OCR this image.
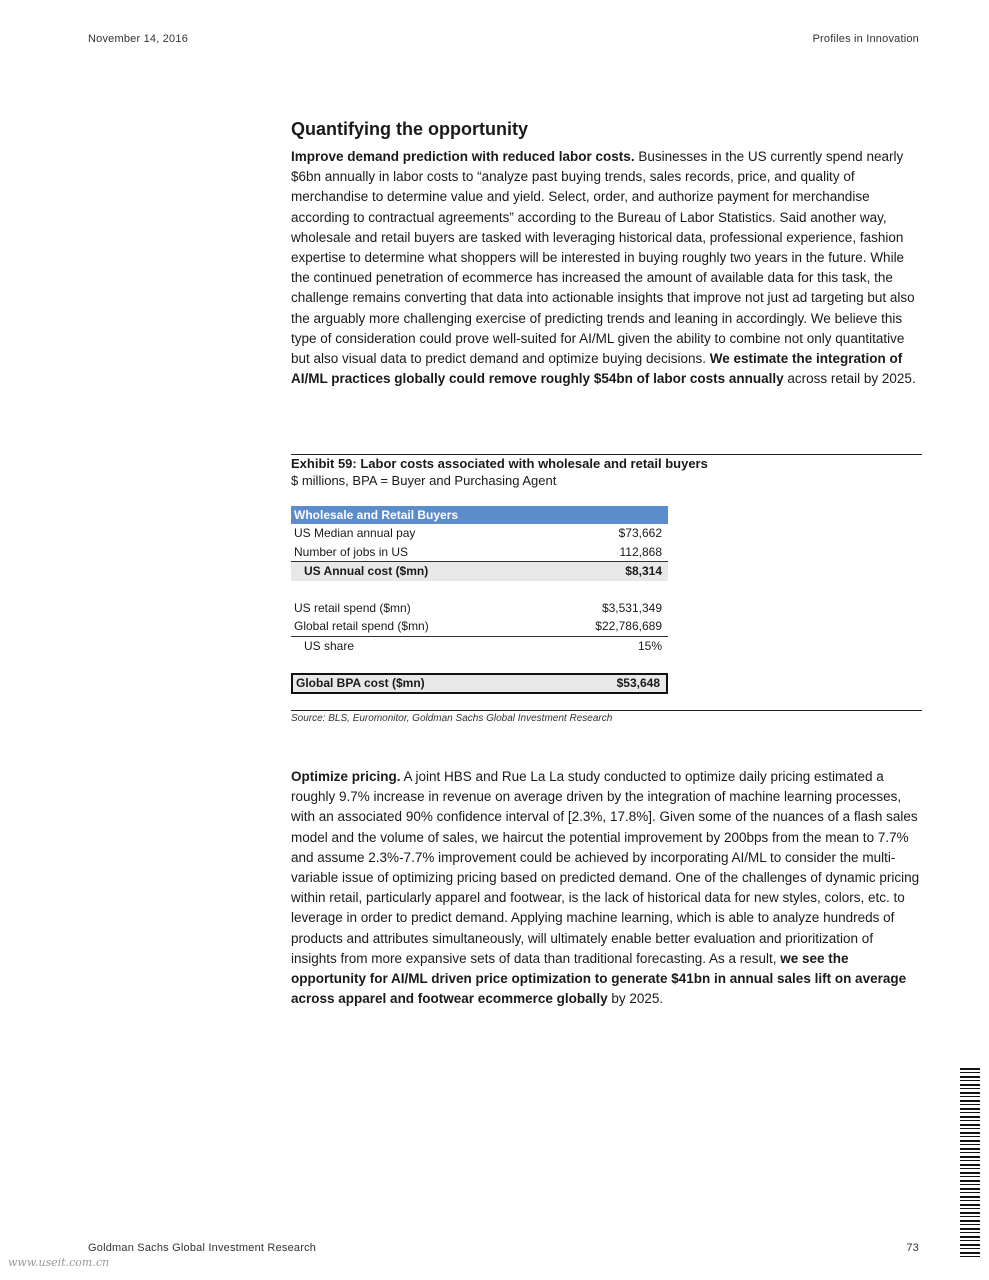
November 14, 2016	Profiles in Innovation
Quantifying the opportunity

Improve demand prediction with reduced labor costs. Businesses in the US currently spend nearly $6bn annually in labor costs to “analyze past buying trends, sales records, price, and quality of merchandise to determine value and yield. Select, order, and authorize payment for merchandise according to contractual agreements” according to the Bureau of Labor Statistics. Said another way, wholesale and retail buyers are tasked with leveraging historical data, professional experience, fashion expertise to determine what shoppers will be interested in buying roughly two years in the future. While the continued penetration of ecommerce has increased the amount of available data for this task, the challenge remains converting that data into actionable insights that improve not just ad targeting but also the arguably more challenging exercise of predicting trends and leaning in accordingly. We believe this type of consideration could prove well-suited for AI/ML given the ability to combine not only quantitative but also visual data to predict demand and optimize buying decisions. We estimate the integration of AI/ML practices globally could remove roughly $54bn of labor costs annually across retail by 2025.

Exhibit 59: Labor costs associated with wholesale and retail buyers

$ millions, BPA = Buyer and Purchasing Agent

Wholesale and Retail Buyers
US Median annual pay	$73,662
Number of jobs in US	112,868
US Annual cost ($mn)	$8,314
US retail spend ($mn)	$3,531,349
Global retail spend ($mn)	$22,786,689
US share	15%
Global BPA cost ($mn)	$53,648

Source: BLS, Euromonitor, Goldman Sachs Global Investment Research

Optimize pricing. A joint HBS and Rue La La study conducted to optimize daily pricing estimated a roughly 9.7% increase in revenue on average driven by the integration of machine learning processes, with an associated 90% confidence interval of [2.3%, 17.8%]. Given some of the nuances of a flash sales model and the volume of sales, we haircut the potential improvement by 200bps from the mean to 7.7% and assume 2.3%-7.7% improvement could be achieved by incorporating AI/ML to consider the multi-variable issue of optimizing pricing based on predicted demand. One of the challenges of dynamic pricing within retail, particularly apparel and footwear, is the lack of historical data for new styles, colors, etc. to leverage in order to predict demand. Applying machine learning, which is able to analyze hundreds of products and attributes simultaneously, will ultimately enable better evaluation and prioritization of insights from more expansive sets of data than traditional forecasting. As a result, we see the opportunity for AI/ML driven price optimization to generate $41bn in annual sales lift on average across apparel and footwear ecommerce globally by 2025.

www.useit.com.cn
Goldman Sachs Global Investment Research	73
